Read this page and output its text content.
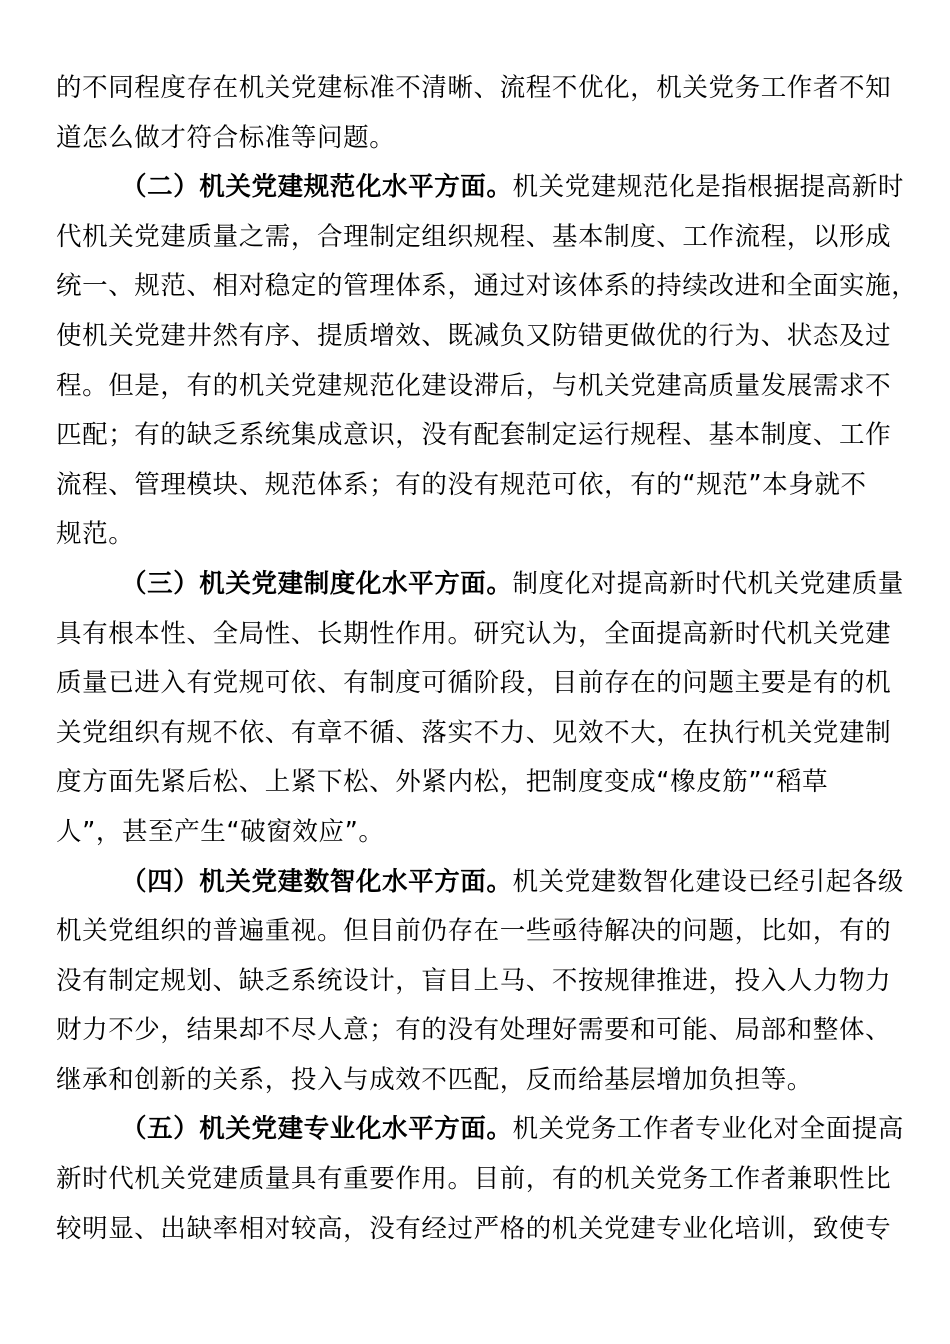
的不同程度存在机关党建标准不清晰、流程不优化，机关党务工作者不知
道怎么做才符合标准等问题。
（二）机关党建规范化水平方面。机关党建规范化是指根据提高新时
代机关党建质量之需，合理制定组织规程、基本制度、工作流程，以形成
统一、规范、相对稳定的管理体系，通过对该体系的持续改进和全面实施，
使机关党建井然有序、提质增效、既减负又防错更做优的行为、状态及过
程。但是，有的机关党建规范化建设滞后，与机关党建高质量发展需求不
匹配；有的缺乏系统集成意识，没有配套制定运行规程、基本制度、工作
流程、管理模块、规范体系；有的没有规范可依，有的“规范”本身就不
规范。
（三）机关党建制度化水平方面。制度化对提高新时代机关党建质量
具有根本性、全局性、长期性作用。研究认为，全面提高新时代机关党建
质量已进入有党规可依、有制度可循阶段，目前存在的问题主要是有的机
关党组织有规不依、有章不循、落实不力、见效不大，在执行机关党建制
度方面先紧后松、上紧下松、外紧内松，把制度变成“橡皮筋”“稻草
人”，甚至产生“破窗效应”。
（四）机关党建数智化水平方面。机关党建数智化建设已经引起各级
机关党组织的普遍重视。但目前仍存在一些亟待解决的问题，比如，有的
没有制定规划、缺乏系统设计，盲目上马、不按规律推进，投入人力物力
财力不少，结果却不尽人意；有的没有处理好需要和可能、局部和整体、
继承和创新的关系，投入与成效不匹配，反而给基层增加负担等。
（五）机关党建专业化水平方面。机关党务工作者专业化对全面提高
新时代机关党建质量具有重要作用。目前，有的机关党务工作者兼职性比
较明显、出缺率相对较高，没有经过严格的机关党建专业化培训，致使专
